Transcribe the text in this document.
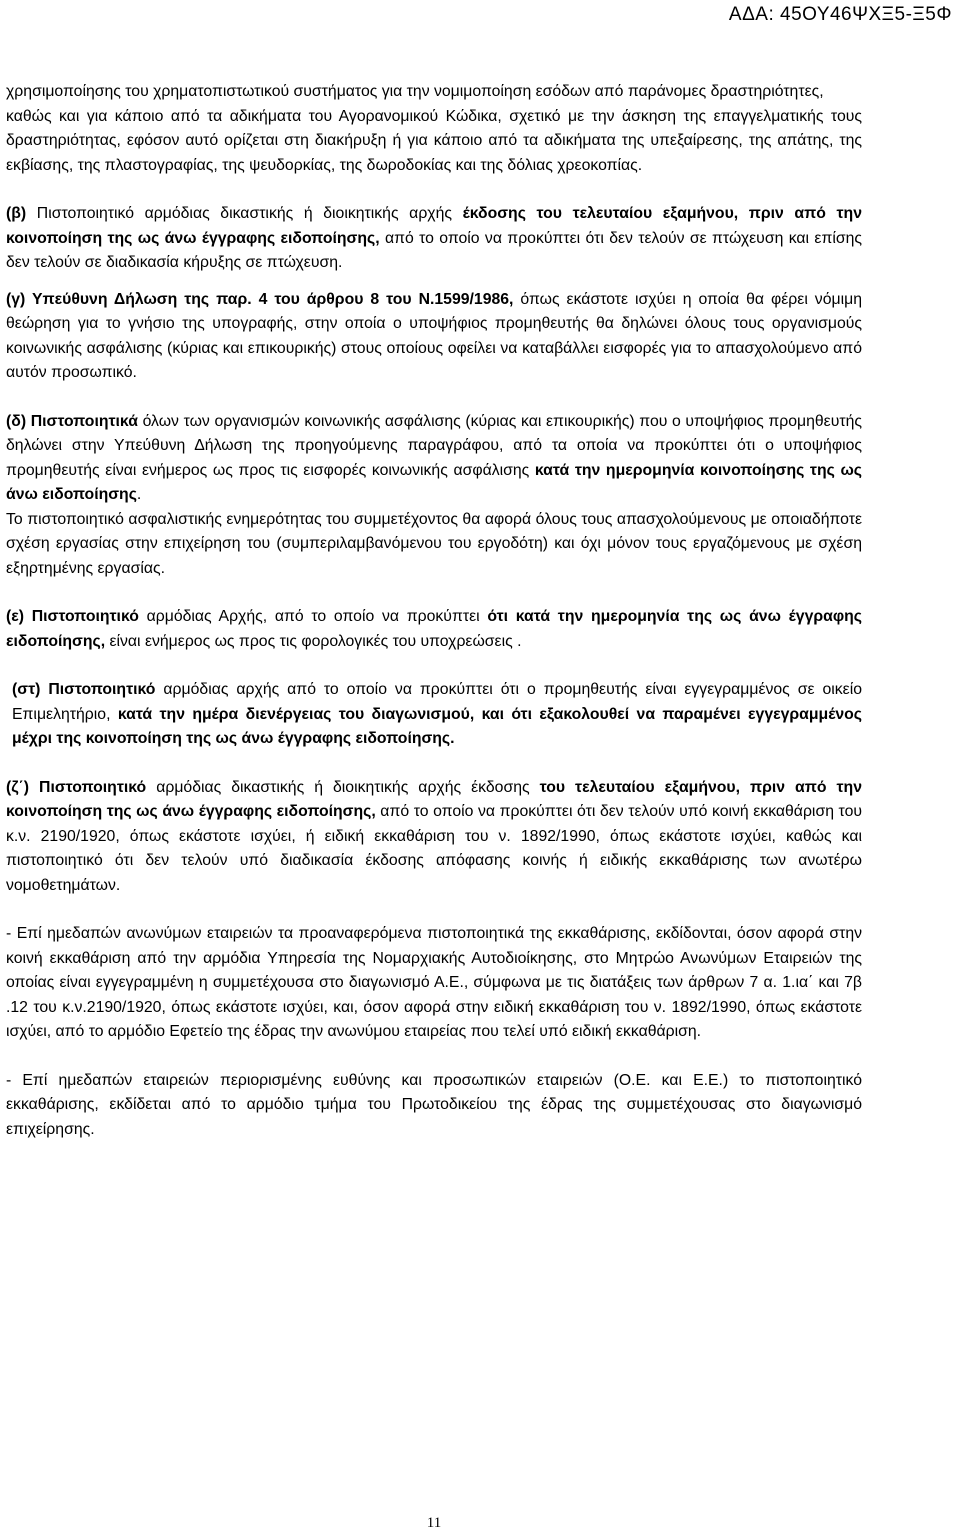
ΑΔΑ: 45ΟΥ46ΨΧΞ5-Ξ5Φ

χρησιμοποίησης του χρηματοπιστωτικού συστήματος για την νομιμοποίηση εσόδων από παράνομες δραστηριότητες,

καθώς και για κάποιο από τα αδικήματα του Αγορανομικού Κώδικα, σχετικό με την άσκηση της επαγγελματικής τους δραστηριότητας, εφόσον αυτό ορίζεται στη διακήρυξη ή για κάποιο από τα αδικήματα της υπεξαίρεσης, της απάτης, της εκβίασης, της πλαστογραφίας, της ψευδορκίας, της δωροδοκίας και της δόλιας χρεοκοπίας.

(β) Πιστοποιητικό αρμόδιας δικαστικής ή διοικητικής αρχής έκδοσης του τελευταίου εξαμήνου, πριν από την κοινοποίηση της ως άνω έγγραφης ειδοποίησης, από το οποίο να προκύπτει ότι δεν τελούν σε πτώχευση και επίσης δεν τελούν σε διαδικασία κήρυξης σε πτώχευση.

(γ) Υπεύθυνη Δήλωση της παρ. 4 του άρθρου 8 του Ν.1599/1986, όπως εκάστοτε ισχύει η οποία θα φέρει νόμιμη θεώρηση για το γνήσιο της υπογραφής, στην οποία ο υποψήφιος προμηθευτής θα δηλώνει όλους τους οργανισμούς κοινωνικής ασφάλισης (κύριας και επικουρικής) στους οποίους οφείλει να καταβάλλει εισφορές για το απασχολούμενο από αυτόν προσωπικό.

(δ) Πιστοποιητικά όλων των οργανισμών κοινωνικής ασφάλισης (κύριας και επικουρικής) που ο υποψήφιος προμηθευτής δηλώνει στην Υπεύθυνη Δήλωση της προηγούμενης παραγράφου, από τα οποία να προκύπτει ότι ο υποψήφιος προμηθευτής είναι ενήμερος ως προς τις εισφορές κοινωνικής ασφάλισης κατά την ημερομηνία κοινοποίησης της ως άνω ειδοποίησης.

Το πιστοποιητικό ασφαλιστικής ενημερότητας του συμμετέχοντος θα αφορά όλους τους απασχολούμενους με οποιαδήποτε σχέση εργασίας στην επιχείρηση του (συμπεριλαμβανόμενου του εργοδότη) και όχι μόνον τους εργαζόμενους με σχέση εξηρτημένης εργασίας.

(ε) Πιστοποιητικό αρμόδιας Αρχής, από το οποίο να προκύπτει ότι κατά την ημερομηνία της ως άνω έγγραφης ειδοποίησης, είναι ενήμερος ως προς τις φορολογικές του υποχρεώσεις .

(στ) Πιστοποιητικό αρμόδιας αρχής από το οποίο να προκύπτει ότι ο προμηθευτής είναι εγγεγραμμένος σε οικείο Επιμελητήριο, κατά την ημέρα διενέργειας του διαγωνισμού, και ότι εξακολουθεί να παραμένει εγγεγραμμένος μέχρι της κοινοποίηση της ως άνω έγγραφης ειδοποίησης.

(ζ΄) Πιστοποιητικό αρμόδιας δικαστικής ή διοικητικής αρχής έκδοσης του τελευταίου εξαμήνου, πριν από την κοινοποίηση της ως άνω έγγραφης ειδοποίησης, από το οποίο να προκύπτει ότι δεν τελούν υπό κοινή εκκαθάριση του κ.ν. 2190/1920, όπως εκάστοτε ισχύει, ή ειδική εκκαθάριση του ν. 1892/1990, όπως εκάστοτε ισχύει, καθώς και πιστοποιητικό ότι δεν τελούν υπό διαδικασία έκδοσης απόφασης κοινής ή ειδικής εκκαθάρισης των ανωτέρω νομοθετημάτων.

- Επί ημεδαπών ανωνύμων εταιρειών τα προαναφερόμενα πιστοποιητικά της εκκαθάρισης, εκδίδονται, όσον αφορά στην κοινή εκκαθάριση από την αρμόδια Υπηρεσία της Νομαρχιακής Αυτοδιοίκησης, στο Μητρώο Ανωνύμων Εταιρειών της οποίας είναι εγγεγραμμένη η συμμετέχουσα στο διαγωνισμό Α.Ε., σύμφωνα με τις διατάξεις των άρθρων 7 α. 1.ια΄ και 7β .12 του κ.ν.2190/1920, όπως εκάστοτε ισχύει, και, όσον αφορά στην ειδική εκκαθάριση του ν. 1892/1990, όπως εκάστοτε ισχύει, από το αρμόδιο Εφετείο της έδρας την ανωνύμου εταιρείας που τελεί υπό ειδική εκκαθάριση.

- Επί ημεδαπών εταιρειών περιορισμένης ευθύνης και προσωπικών εταιρειών (Ο.Ε. και Ε.Ε.) το πιστοποιητικό εκκαθάρισης, εκδίδεται από το αρμόδιο τμήμα του Πρωτοδικείου της έδρας της συμμετέχουσας στο διαγωνισμό επιχείρησης.

11
